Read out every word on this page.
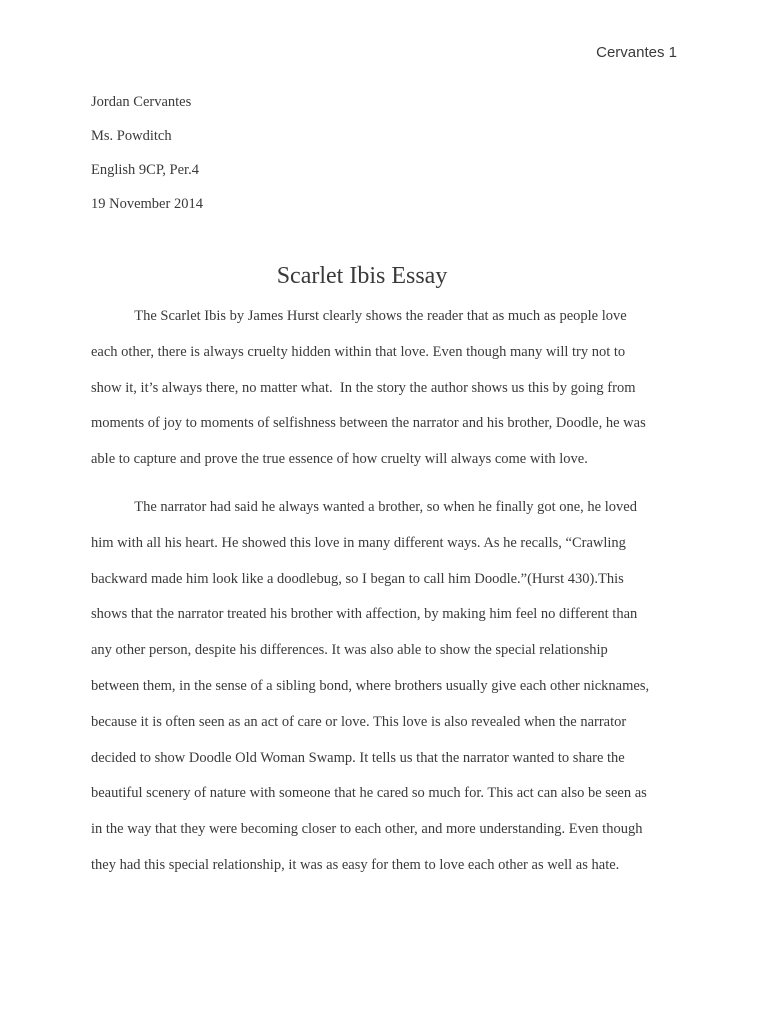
Cervantes 1
Jordan Cervantes
Ms. Powditch
English 9CP, Per.4
19 November 2014
Scarlet Ibis Essay
The Scarlet Ibis by James Hurst clearly shows the reader that as much as people love
each other, there is always cruelty hidden within that love. Even though many will try not to
show it, it’s always there, no matter what.  In the story the author shows us this by going from
moments of joy to moments of selfishness between the narrator and his brother, Doodle, he was
able to capture and prove the true essence of how cruelty will always come with love.
The narrator had said he always wanted a brother, so when he finally got one, he loved
him with all his heart. He showed this love in many different ways. As he recalls, “Crawling
backward made him look like a doodlebug, so I began to call him Doodle.”(Hurst 430).This
shows that the narrator treated his brother with affection, by making him feel no different than
any other person, despite his differences. It was also able to show the special relationship
between them, in the sense of a sibling bond, where brothers usually give each other nicknames,
because it is often seen as an act of care or love. This love is also revealed when the narrator
decided to show Doodle Old Woman Swamp. It tells us that the narrator wanted to share the
beautiful scenery of nature with someone that he cared so much for. This act can also be seen as
in the way that they were becoming closer to each other, and more understanding. Even though
they had this special relationship, it was as easy for them to love each other as well as hate.
